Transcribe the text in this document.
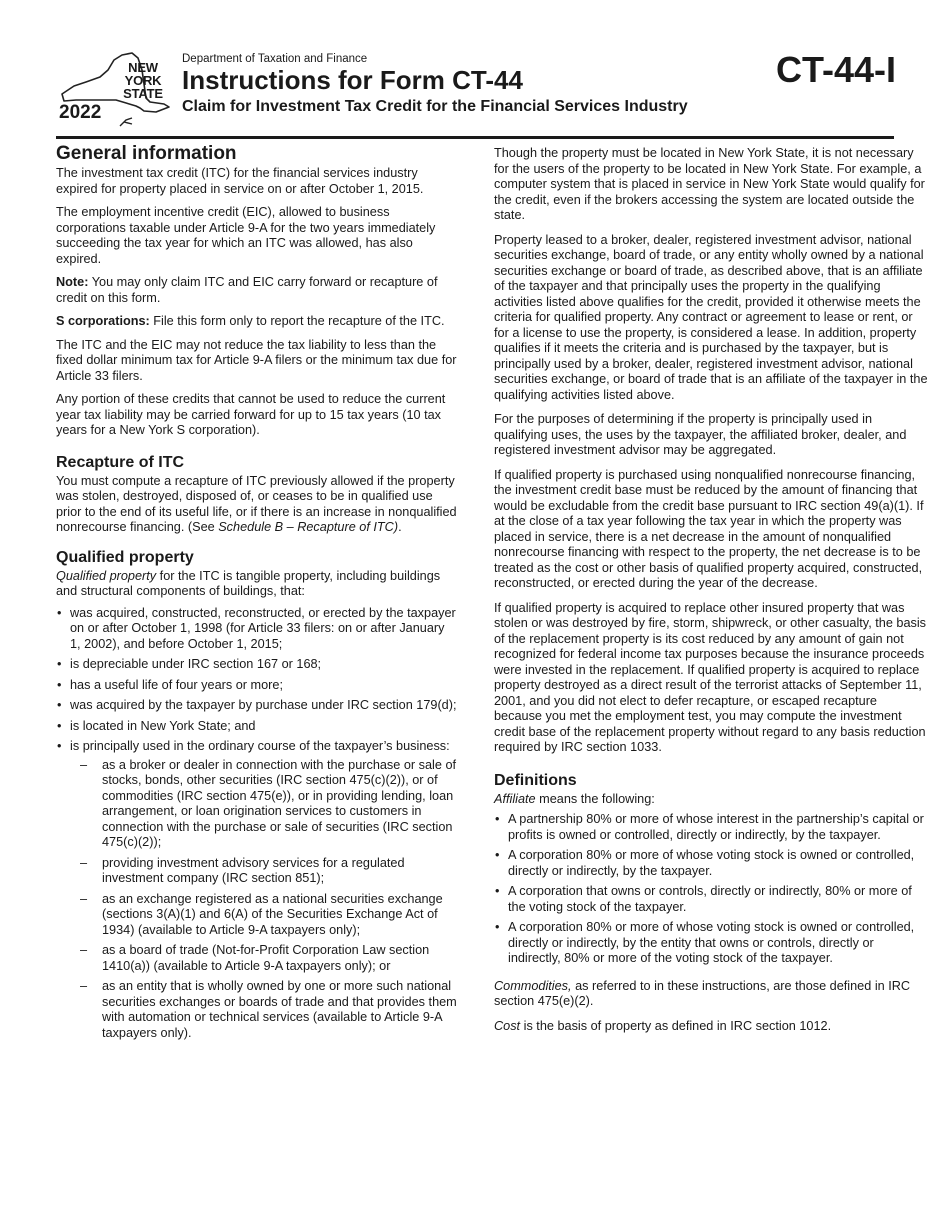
NEW YORK STATE
2022
Department of Taxation and Finance
Instructions for Form CT-44
Claim for Investment Tax Credit for the Financial Services Industry
CT-44-I
General information

The investment tax credit (ITC) for the financial services industry expired for property placed in service on or after October 1, 2015.

The employment incentive credit (EIC), allowed to business corporations taxable under Article 9-A for the two years immediately succeeding the tax year for which an ITC was allowed, has also expired.

Note: You may only claim ITC and EIC carry forward or recapture of credit on this form.

S corporations: File this form only to report the recapture of the ITC.

The ITC and the EIC may not reduce the tax liability to less than the fixed dollar minimum tax for Article 9-A filers or the minimum tax due for Article 33 filers.

Any portion of these credits that cannot be used to reduce the current year tax liability may be carried forward for up to 15 tax years (10 tax years for a New York S corporation).

Recapture of ITC

You must compute a recapture of ITC previously allowed if the property was stolen, destroyed, disposed of, or ceases to be in qualified use prior to the end of its useful life, or if there is an increase in nonqualified nonrecourse financing. (See Schedule B – Recapture of ITC).

Qualified property

Qualified property for the ITC is tangible property, including buildings and structural components of buildings, that:

• was acquired, constructed, reconstructed, or erected by the taxpayer on or after October 1, 1998 (for Article 33 filers: on or after January 1, 2002), and before October 1, 2015;
• is depreciable under IRC section 167 or 168;
• has a useful life of four years or more;
• was acquired by the taxpayer by purchase under IRC section 179(d);
• is located in New York State; and
• is principally used in the ordinary course of the taxpayer’s business:
– as a broker or dealer in connection with the purchase or sale of stocks, bonds, other securities (IRC section 475(c)(2)), or of commodities (IRC section 475(e)), or in providing lending, loan arrangement, or loan origination services to customers in connection with the purchase or sale of securities (IRC section 475(c)(2));
– providing investment advisory services for a regulated investment company (IRC section 851);
– as an exchange registered as a national securities exchange (sections 3(A)(1) and 6(A) of the Securities Exchange Act of 1934) (available to Article 9-A taxpayers only);
– as a board of trade (Not-for-Profit Corporation Law section 1410(a)) (available to Article 9-A taxpayers only); or
– as an entity that is wholly owned by one or more such national securities exchanges or boards of trade and that provides them with automation or technical services (available to Article 9-A taxpayers only).

Though the property must be located in New York State, it is not necessary for the users of the property to be located in New York State. For example, a computer system that is placed in service in New York State would qualify for the credit, even if the brokers accessing the system are located outside the state.

Property leased to a broker, dealer, registered investment advisor, national securities exchange, board of trade, or any entity wholly owned by a national securities exchange or board of trade, as described above, that is an affiliate of the taxpayer and that principally uses the property in the qualifying activities listed above qualifies for the credit, provided it otherwise meets the criteria for qualified property. Any contract or agreement to lease or rent, or for a license to use the property, is considered a lease. In addition, property qualifies if it meets the criteria and is purchased by the taxpayer, but is principally used by a broker, dealer, registered investment advisor, national securities exchange, or board of trade that is an affiliate of the taxpayer in the qualifying activities listed above.

For the purposes of determining if the property is principally used in qualifying uses, the uses by the taxpayer, the affiliated broker, dealer, and registered investment advisor may be aggregated.

If qualified property is purchased using nonqualified nonrecourse financing, the investment credit base must be reduced by the amount of financing that would be excludable from the credit base pursuant to IRC section 49(a)(1). If at the close of a tax year following the tax year in which the property was placed in service, there is a net decrease in the amount of nonqualified nonrecourse financing with respect to the property, the net decrease is to be treated as the cost or other basis of qualified property acquired, constructed, reconstructed, or erected during the year of the decrease.

If qualified property is acquired to replace other insured property that was stolen or was destroyed by fire, storm, shipwreck, or other casualty, the basis of the replacement property is its cost reduced by any amount of gain not recognized for federal income tax purposes because the insurance proceeds were invested in the replacement. If qualified property is acquired to replace property destroyed as a direct result of the terrorist attacks of September 11, 2001, and you did not elect to defer recapture, or escaped recapture because you met the employment test, you may compute the investment credit base of the replacement property without regard to any basis reduction required by IRC section 1033.

Definitions

Affiliate means the following:

• A partnership 80% or more of whose interest in the partnership’s capital or profits is owned or controlled, directly or indirectly, by the taxpayer.
• A corporation 80% or more of whose voting stock is owned or controlled, directly or indirectly, by the taxpayer.
• A corporation that owns or controls, directly or indirectly, 80% or more of the voting stock of the taxpayer.
• A corporation 80% or more of whose voting stock is owned or controlled, directly or indirectly, by the entity that owns or controls, directly or indirectly, 80% or more of the voting stock of the taxpayer.

Commodities, as referred to in these instructions, are those defined in IRC section 475(e)(2).

Cost is the basis of property as defined in IRC section 1012.
